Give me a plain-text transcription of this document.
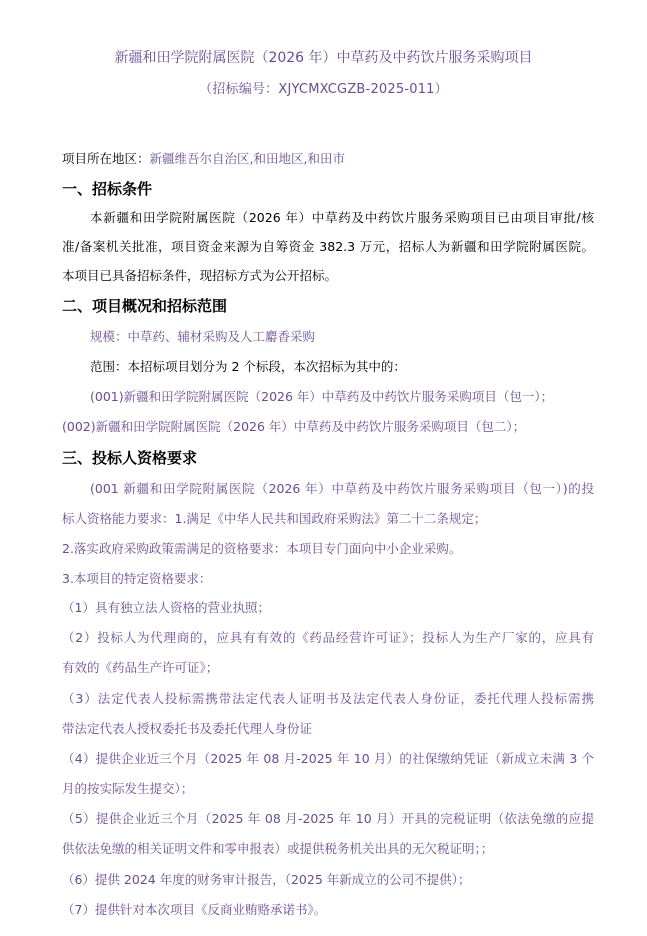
新疆和田学院附属医院（2026 年）中草药及中药饮片服务采购项目
（招标编号：XJYCMXCGZB-2025-011）
项目所在地区：新疆维吾尔自治区,和田地区,和田市
一、招标条件
本新疆和田学院附属医院（2026 年）中草药及中药饮片服务采购项目已由项目审批/核
准/备案机关批准，项目资金来源为自筹资金 382.3 万元，招标人为新疆和田学院附属医院。
本项目已具备招标条件，现招标方式为公开招标。
二、项目概况和招标范围
规模：中草药、辅材采购及人工麝香采购
范围：本招标项目划分为 2 个标段，本次招标为其中的：
(001)新疆和田学院附属医院（2026 年）中草药及中药饮片服务采购项目（包一）；
(002)新疆和田学院附属医院（2026 年）中草药及中药饮片服务采购项目（包二）；
三、投标人资格要求
(001 新疆和田学院附属医院（2026 年）中草药及中药饮片服务采购项目（包一）)的投
标人资格能力要求：1.满足《中华人民共和国政府采购法》第二十二条规定；
2.落实政府采购政策需满足的资格要求：本项目专门面向中小企业采购。
3.本项目的特定资格要求：
（1）具有独立法人资格的营业执照；
（2）投标人为代理商的，应具有有效的《药品经营许可证》；投标人为生产厂家的，应具有
有效的《药品生产许可证》；
（3）法定代表人投标需携带法定代表人证明书及法定代表人身份证，委托代理人投标需携
带法定代表人授权委托书及委托代理人身份证
（4）提供企业近三个月（2025 年 08 月-2025 年 10 月）的社保缴纳凭证（新成立未满 3 个
月的按实际发生提交）；
（5）提供企业近三个月（2025 年 08 月-2025 年 10 月）开具的完税证明（依法免缴的应提
供依法免缴的相关证明文件和零申报表）或提供税务机关出具的无欠税证明；；
（6）提供 2024 年度的财务审计报告，（2025 年新成立的公司不提供）；
（7）提供针对本次项目《反商业贿赂承诺书》。
